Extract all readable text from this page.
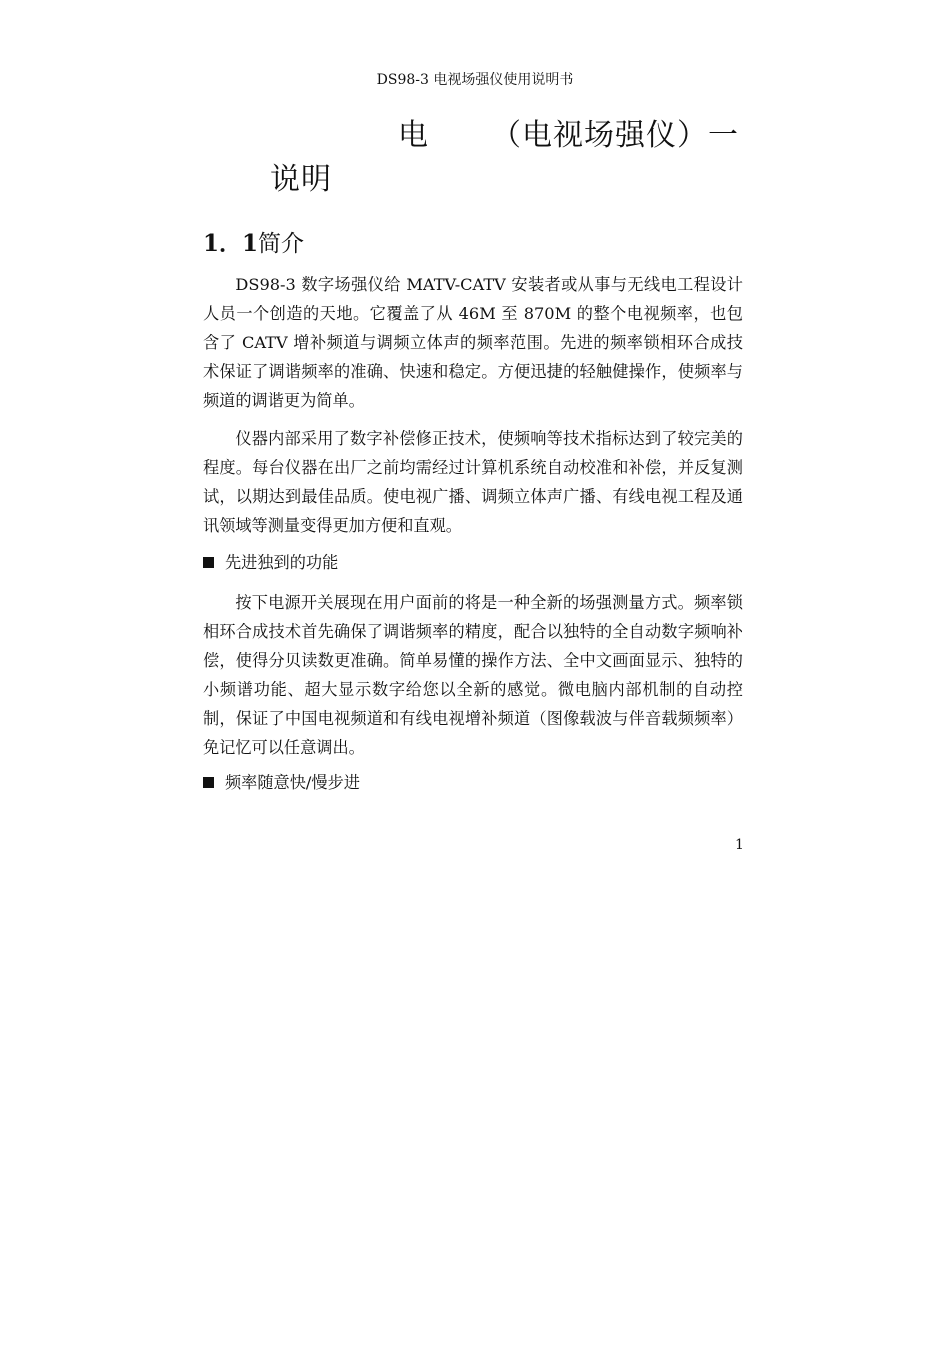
DS98-3 电视场强仪使用说明书
电 （电视场强仪）一
说明
1．1简介

DS98-3 数字场强仪给 MATV-CATV 安装者或从事与无线电工程设计人员一个创造的天地。它覆盖了从 46M 至 870M 的整个电视频率，也包含了 CATV 增补频道与调频立体声的频率范围。先进的频率锁相环合成技术保证了调谐频率的准确、快速和稳定。方便迅捷的轻触健操作，使频率与频道的调谐更为简单。

仪器内部采用了数字补偿修正技术，使频响等技术指标达到了较完美的程度。每台仪器在出厂之前均需经过计算机系统自动校准和补偿，并反复测试，以期达到最佳品质。使电视广播、调频立体声广播、有线电视工程及通讯领域等测量变得更加方便和直观。

先进独到的功能

按下电源开关展现在用户面前的将是一种全新的场强测量方式。频率锁相环合成技术首先确保了调谐频率的精度，配合以独特的全自动数字频响补偿，使得分贝读数更准确。简单易懂的操作方法、全中文画面显示、独特的小频谱功能、超大显示数字给您以全新的感觉。微电脑内部机制的自动控制，保证了中国电视频道和有线电视增补频道（图像载波与伴音载频频率）免记忆可以任意调出。

频率随意快/慢步进
1
